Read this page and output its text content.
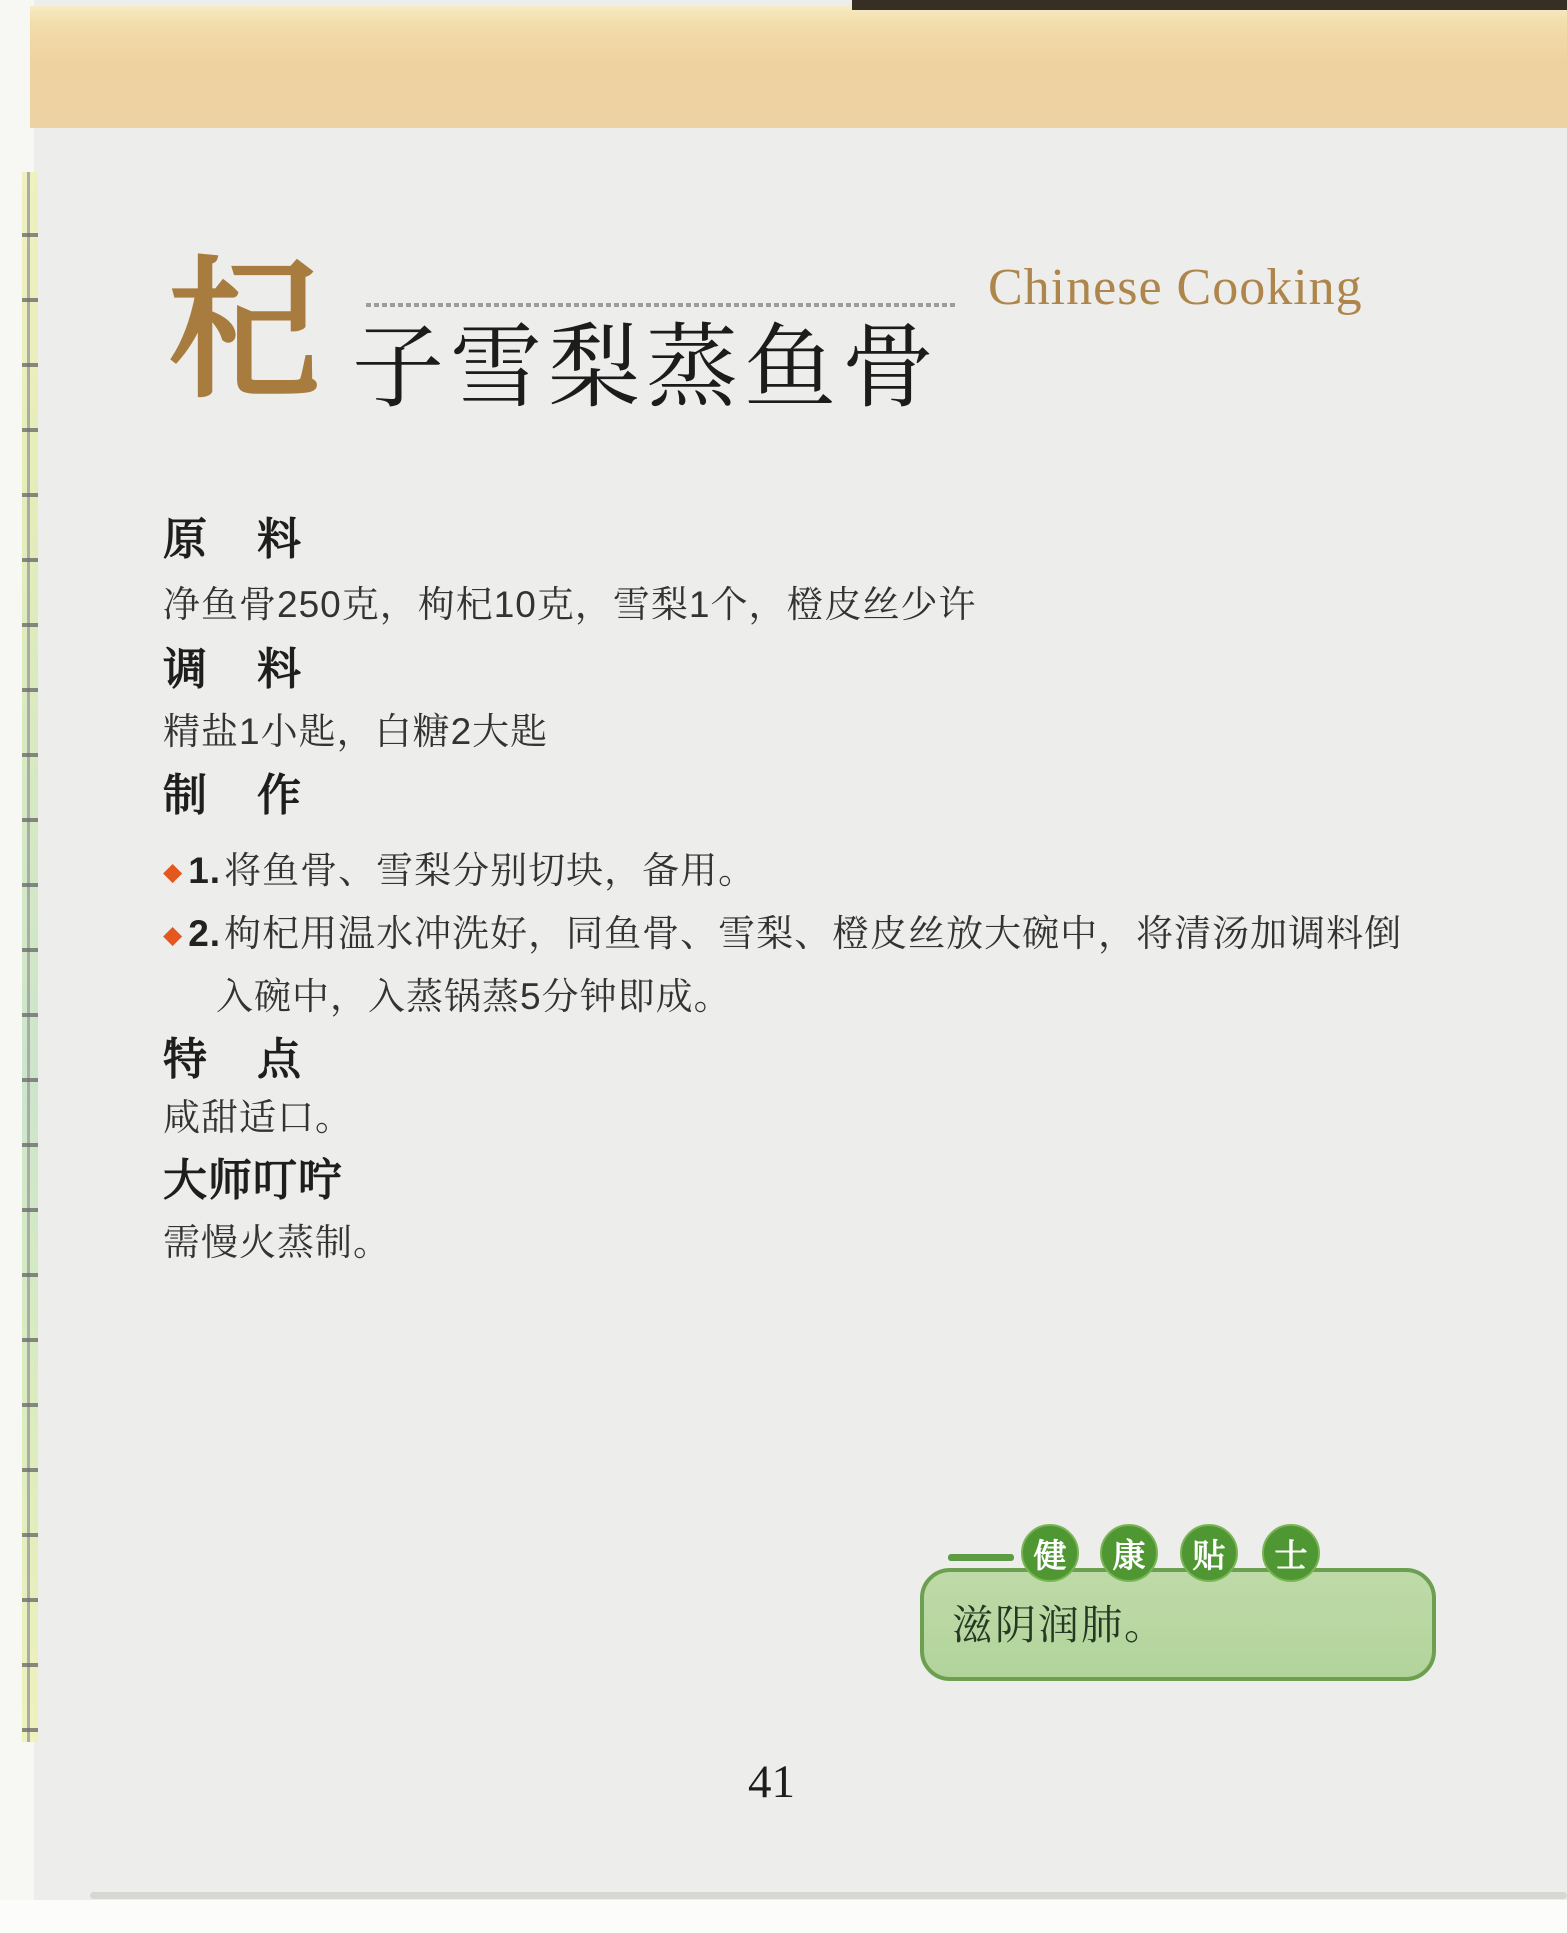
杞 子雪梨蒸鱼骨
Chinese Cooking
原　料
净鱼骨250克，枸杞10克，雪梨1个，橙皮丝少许
调　料
精盐1小匙，白糖2大匙
制　作
◆ 1.将鱼骨、雪梨分别切块，备用。
◆ 2.枸杞用温水冲洗好，同鱼骨、雪梨、橙皮丝放大碗中，将清汤加调料倒入碗中，入蒸锅蒸5分钟即成。
特　点
咸甜适口。
大师叮咛
需慢火蒸制。
滋阴润肺。
健	康	贴	士
41
